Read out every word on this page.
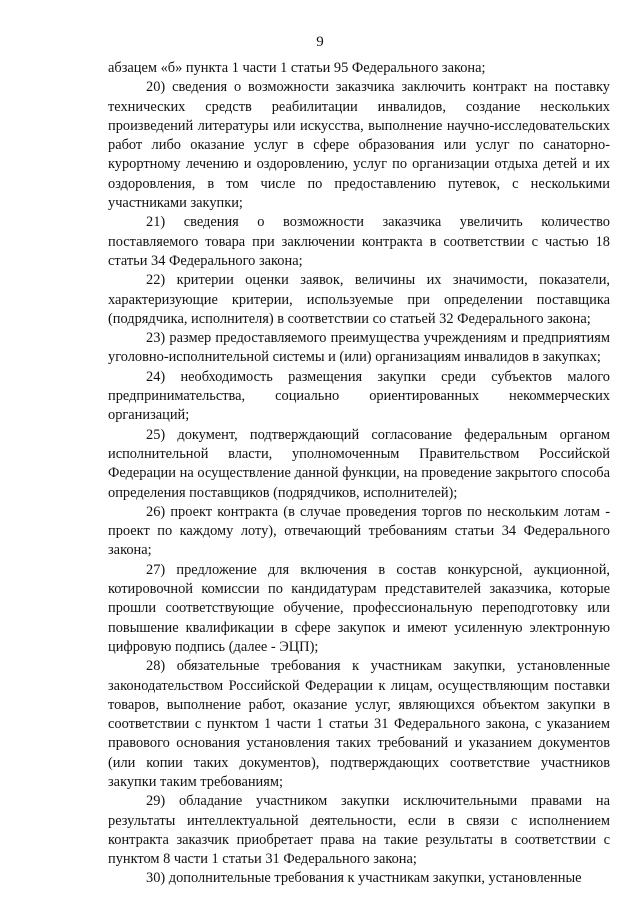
9

абзацем «б» пункта 1 части 1 статьи 95 Федерального закона;

20) сведения о возможности заказчика заключить контракт на поставку технических средств реабилитации инвалидов, создание нескольких произведений литературы или искусства, выполнение научно-исследовательских работ либо оказание услуг в сфере образования или услуг по санаторно-курортному лечению и оздоровлению, услуг по организации отдыха детей и их оздоровления, в том числе по предоставлению путевок, с несколькими участниками закупки;

21) сведения о возможности заказчика увеличить количество поставляемого товара при заключении контракта в соответствии с частью 18 статьи 34 Федерального закона;

22) критерии оценки заявок, величины их значимости, показатели, характеризующие критерии, используемые при определении поставщика (подрядчика, исполнителя) в соответствии со статьей 32 Федерального закона;

23) размер предоставляемого преимущества учреждениям и предприятиям уголовно-исполнительной системы и (или) организациям инвалидов в закупках;

24) необходимость размещения закупки среди субъектов малого предпринимательства, социально ориентированных некоммерческих организаций;

25) документ, подтверждающий согласование федеральным органом исполнительной власти, уполномоченным Правительством Российской Федерации на осуществление данной функции, на проведение закрытого способа определения поставщиков (подрядчиков, исполнителей);

26) проект контракта (в случае проведения торгов по нескольким лотам - проект по каждому лоту), отвечающий требованиям статьи 34 Федерального закона;

27) предложение для включения в состав конкурсной, аукционной, котировочной комиссии по кандидатурам представителей заказчика, которые прошли соответствующие обучение, профессиональную переподготовку или повышение квалификации в сфере закупок и имеют усиленную электронную цифровую подпись (далее - ЭЦП);

28) обязательные требования к участникам закупки, установленные законодательством Российской Федерации к лицам, осуществляющим поставки товаров, выполнение работ, оказание услуг, являющихся объектом закупки в соответствии с пунктом 1 части 1 статьи 31 Федерального закона, с указанием правового основания установления таких требований и указанием документов (или копии таких документов), подтверждающих соответствие участников закупки таким требованиям;

29) обладание участником закупки исключительными правами на результаты интеллектуальной деятельности, если в связи с исполнением контракта заказчик приобретает права на такие результаты в соответствии с пунктом 8 части 1 статьи 31 Федерального закона;

30) дополнительные требования к участникам закупки, установленные
